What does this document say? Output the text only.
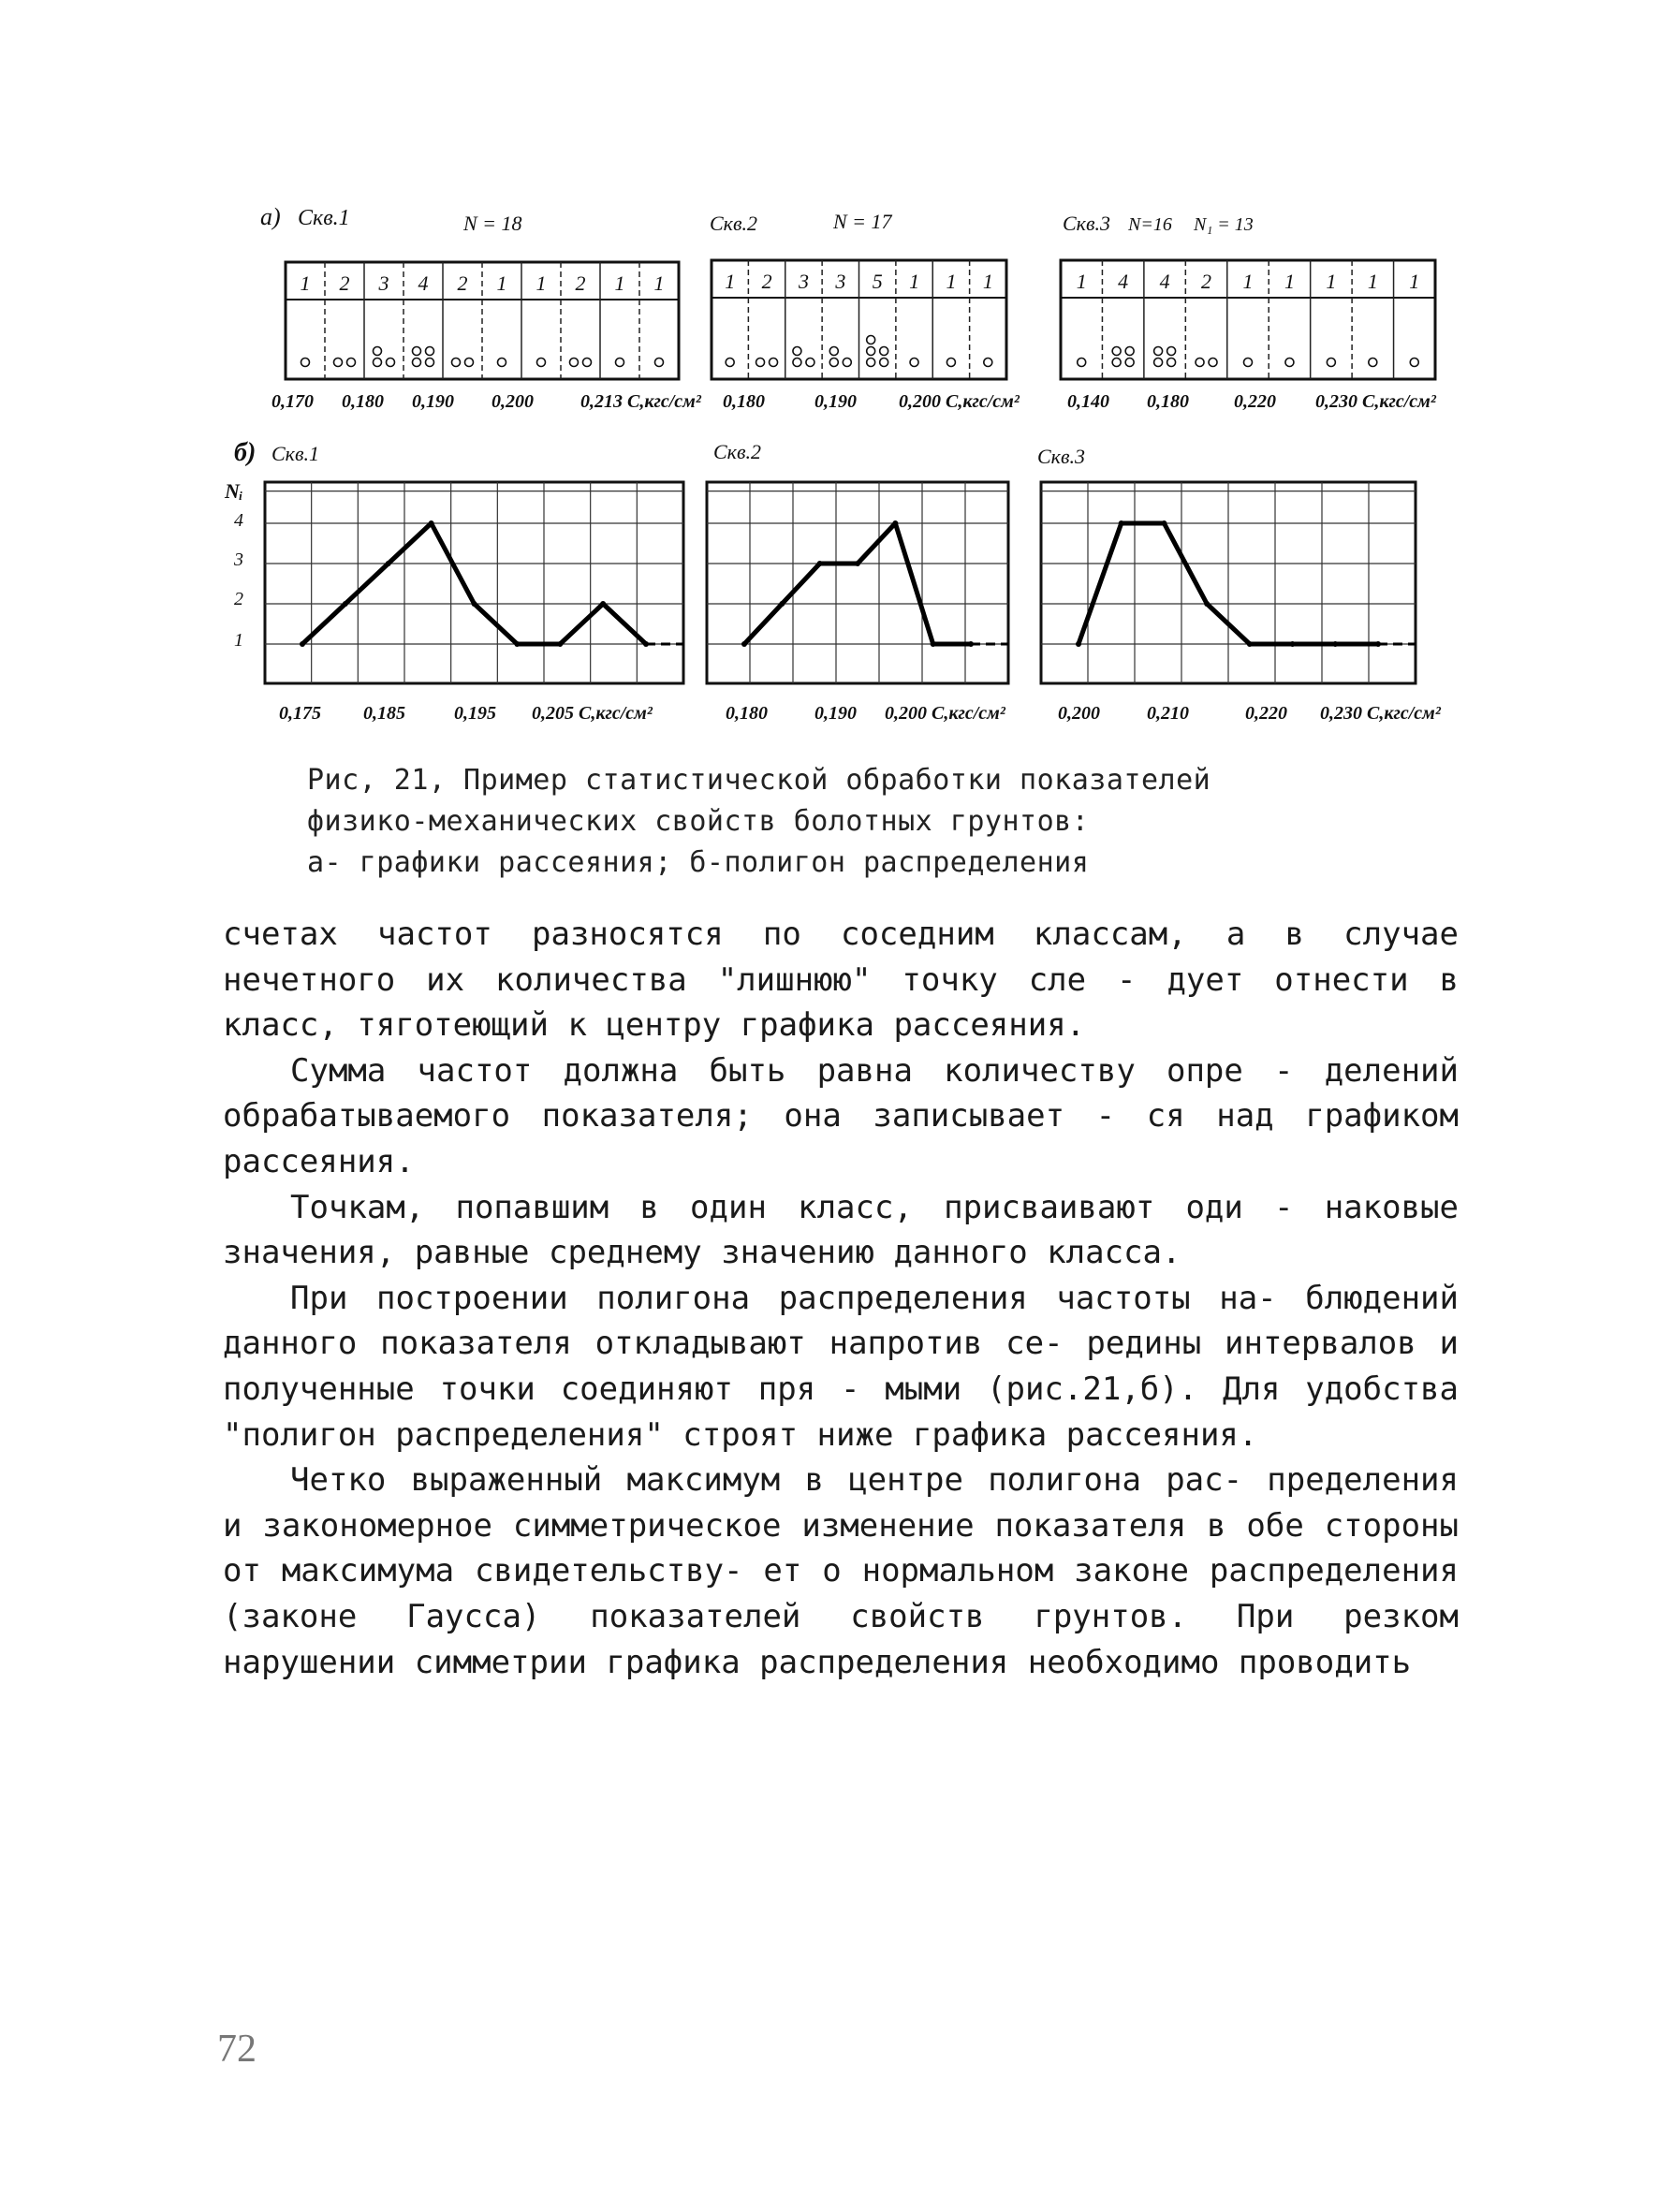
а) Скв.1	N = 18	Скв.2	N = 17	Скв.3 N=16 N₁ = 13
1 2 3 4 2 1 1 2 1 1
0,170 0,180 0,190 0,200	0,213 С,кгс/см²
1 2 3 3 5 1 1 1
0,180	0,190 0,200 С,кгс/см²
1 4 4 2 1 1 1 1 1
0,140 0,180 0,220 0,230 С,кгс/см²
б) Скв.1	Скв.2	Скв.3
Nᵢ
4
3
2
1
0,175 0,185	0,195 0,205 С,кгс/см²	0,180	0,190 0,200 С,кгс/см²	0,200	0,210	0,220 0,230 С,кгс/см²
Рис, 21, Пример статистической обработки показателей
физико-механических свойств болотных грунтов:
а- графики рассеяния; б-полигон распределения

счетах частот разносятся по соседним классам, а в случае нечетного их количества "лишнюю" точку сле - дует отнести в класс, тяготеющий к центру графика рассеяния.

Сумма частот должна быть равна количеству опре - делений обрабатываемого показателя; она записывает - ся над графиком рассеяния.

Точкам, попавшим в один класс, присваивают оди - наковые значения, равные среднему значению данного класса.

При построении полигона распределения частоты на- блюдений данного показателя откладывают напротив се- редины интервалов и полученные точки соединяют пря - мыми (рис.21,б). Для удобства "полигон распределения" строят ниже графика рассеяния.

Четко выраженный максимум в центре полигона рас- пределения и закономерное симметрическое изменение показателя в обе стороны от максимума свидетельству- ет о нормальном законе распределения (законе Гаусса) показателей свойств грунтов. При резком нарушении симметрии графика распределения необходимо проводить

72
